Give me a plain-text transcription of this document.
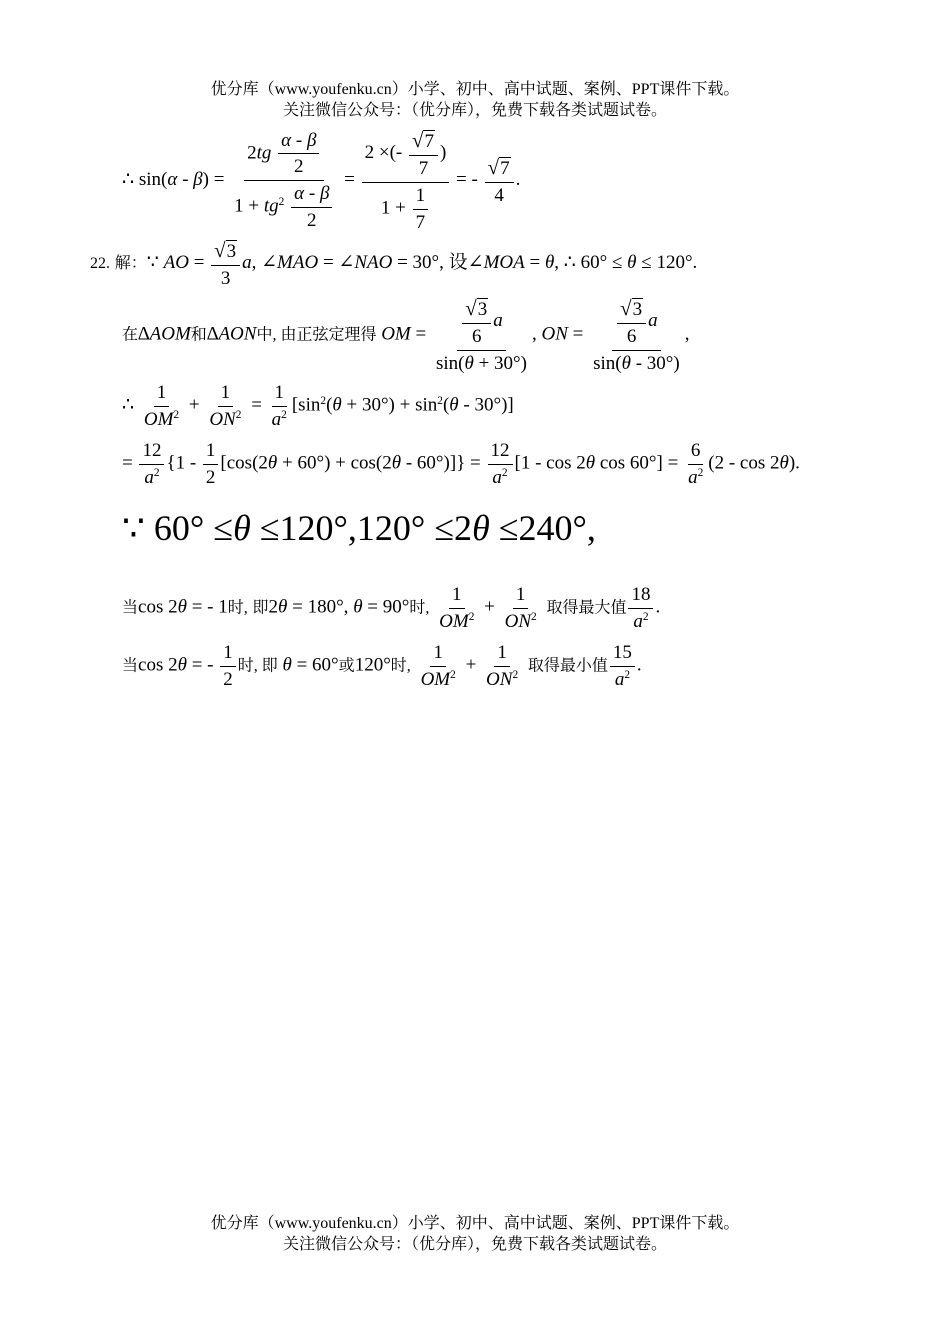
优分库（www.youfenku.cn）小学、初中、高中试题、案例、PPT课件下载。
关注微信公众号：（优分库），免费下载各类试题试卷。
∴ $\sin(\alpha - \beta) = \frac{2tg \frac{\alpha - \beta}{2}}{1 + tg^2 \frac{\alpha - \beta}{2}} = \frac{2 \times(- \frac{√7}{7} )}{1 + \frac{1}{7}}$ = - $\frac{√7}{4}$ .
22. 解：∵ AO = $\frac{√3}{3} a$, ∠MAO = ∠NAO = 30°, 设∠MOA = θ, ∴ 60° ≤ θ ≤ 120°.
在∆AOM和∆AON中, 由正弦定理得 OM = $\frac{\frac{√3}{6} a}{\sin(\theta + 30^\circ)}$ , ON = $\frac{\frac{√3}{6} a}{\sin(\theta - 30^\circ)}$ ,
∴ $\frac{1}{OM^2} + \frac{1}{ON^2} = \frac{1}{a^2} [\sin^2(\theta + 30^\circ) + \sin^2(\theta - 30^\circ)]$
= $\frac{12}{a^2} \{1 - \frac{1}{2} [\cos(2\theta + 60^\circ) + \cos(2\theta - 60^\circ)]\} = \frac{12}{a^2} [1 - \cos 2\theta$ $\cos 60^\circ] = \frac{6}{a^2} (2 - \cos 2\theta)$.
∵ 60° ≤θ ≤120°,120° ≤2θ ≤240°,
当cos 2θ = - 1时, 即2θ = 180°, θ = 90°时, $\frac{1}{OM^2} + \frac{1}{ON^2}$ 取得最大值 $\frac{18}{a^2}$ .
当cos 2θ = - $\frac{1}{2}$ 时, 即 θ = 60°或120°时, $\frac{1}{OM^2} + \frac{1}{ON^2}$ 取得最小值 $\frac{15}{a^2}$ .
优分库（www.youfenku.cn）小学、初中、高中试题、案例、PPT课件下载。
关注微信公众号：（优分库），免费下载各类试题试卷。
